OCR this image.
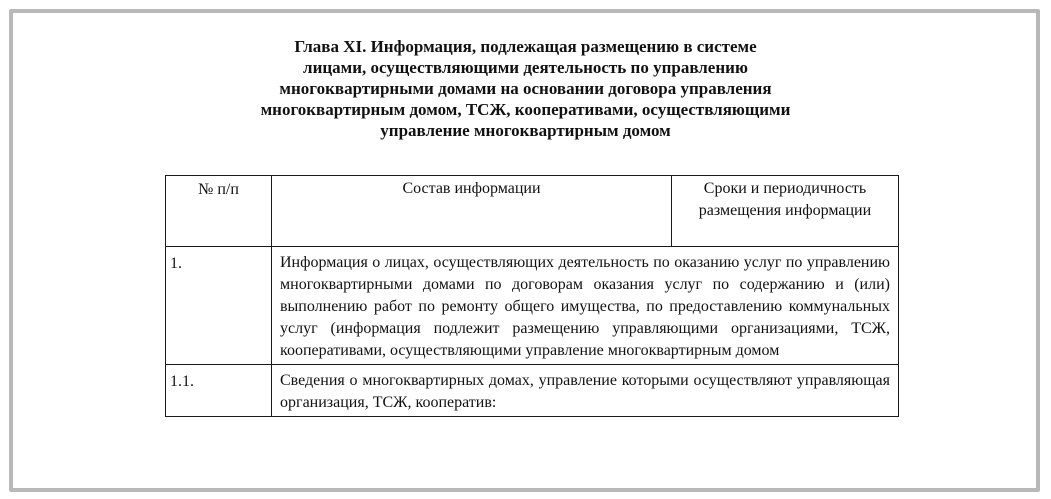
Глава XI. Информация, подлежащая размещению в системе
лицами, осуществляющими деятельность по управлению
многоквартирными домами на основании договора управления
многоквартирным домом, ТСЖ, кооперативами, осуществляющими
управление многоквартирным домом
№ п/п	Состав информации	Сроки и периодичность размещения информации
1.	Информация о лицах, осуществляющих деятельность по оказанию услуг по управлению многоквартирными домами по договорам оказания услуг по содержанию и (или) выполнению работ по ремонту общего имущества, по предоставлению коммунальных услуг (информация подлежит размещению управляющими организациями, ТСЖ, кооперативами, осуществляющими управление многоквартирным домом	
1.1.	Сведения о многоквартирных домах, управление которыми осуществляют управляющая организация, ТСЖ, кооператив:	
